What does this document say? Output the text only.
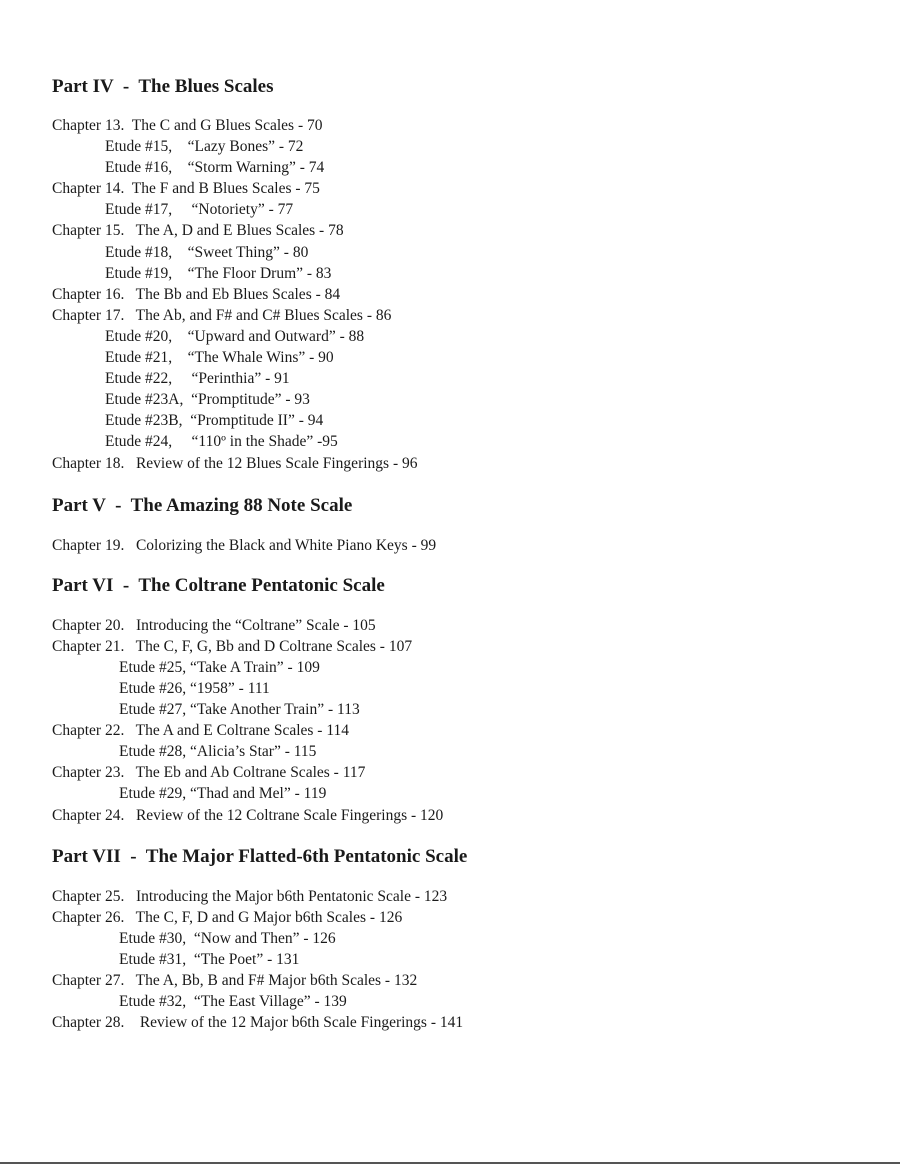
Part IV  -  The Blues Scales
Chapter 13.  The C and G Blues Scales - 70
Etude #15,    “Lazy Bones” - 72
Etude #16,    “Storm Warning” - 74
Chapter 14.  The F and B Blues Scales - 75
Etude #17,     “Notoriety” - 77
Chapter 15.   The A, D and E Blues Scales - 78
Etude #18,    “Sweet Thing” - 80
Etude #19,    “The Floor Drum” - 83
Chapter 16.   The Bb and Eb Blues Scales - 84
Chapter 17.   The Ab, and F# and C# Blues Scales - 86
Etude #20,    “Upward and Outward” - 88
Etude #21,    “The Whale Wins” - 90
Etude #22,     “Perinthia” - 91
Etude #23A,  “Promptitude” - 93
Etude #23B,  “Promptitude II” - 94
Etude #24,     “110º in the Shade” -95
Chapter 18.   Review of the 12 Blues Scale Fingerings - 96
Part V  -  The Amazing 88 Note Scale
Chapter 19.   Colorizing the Black and White Piano Keys - 99
Part VI  -  The Coltrane Pentatonic Scale
Chapter 20.   Introducing the “Coltrane” Scale - 105
Chapter 21.   The C, F, G, Bb and D Coltrane Scales - 107
Etude #25, “Take A Train” - 109
Etude #26, “1958” - 111
Etude #27, “Take Another Train” - 113
Chapter 22.   The A and E Coltrane Scales - 114
Etude #28, “Alicia’s Star” - 115
Chapter 23.   The Eb and Ab Coltrane Scales - 117
Etude #29, “Thad and Mel” - 119
Chapter 24.   Review of the 12 Coltrane Scale Fingerings - 120
Part VII  -  The Major Flatted-6th Pentatonic Scale
Chapter 25.   Introducing the Major b6th Pentatonic Scale - 123
Chapter 26.   The C, F, D and G Major b6th Scales - 126
Etude #30,  “Now and Then” - 126
Etude #31,  “The Poet” - 131
Chapter 27.   The A, Bb, B and F# Major b6th Scales - 132
Etude #32,  “The East Village” - 139
Chapter 28.    Review of the 12 Major b6th Scale Fingerings - 141
